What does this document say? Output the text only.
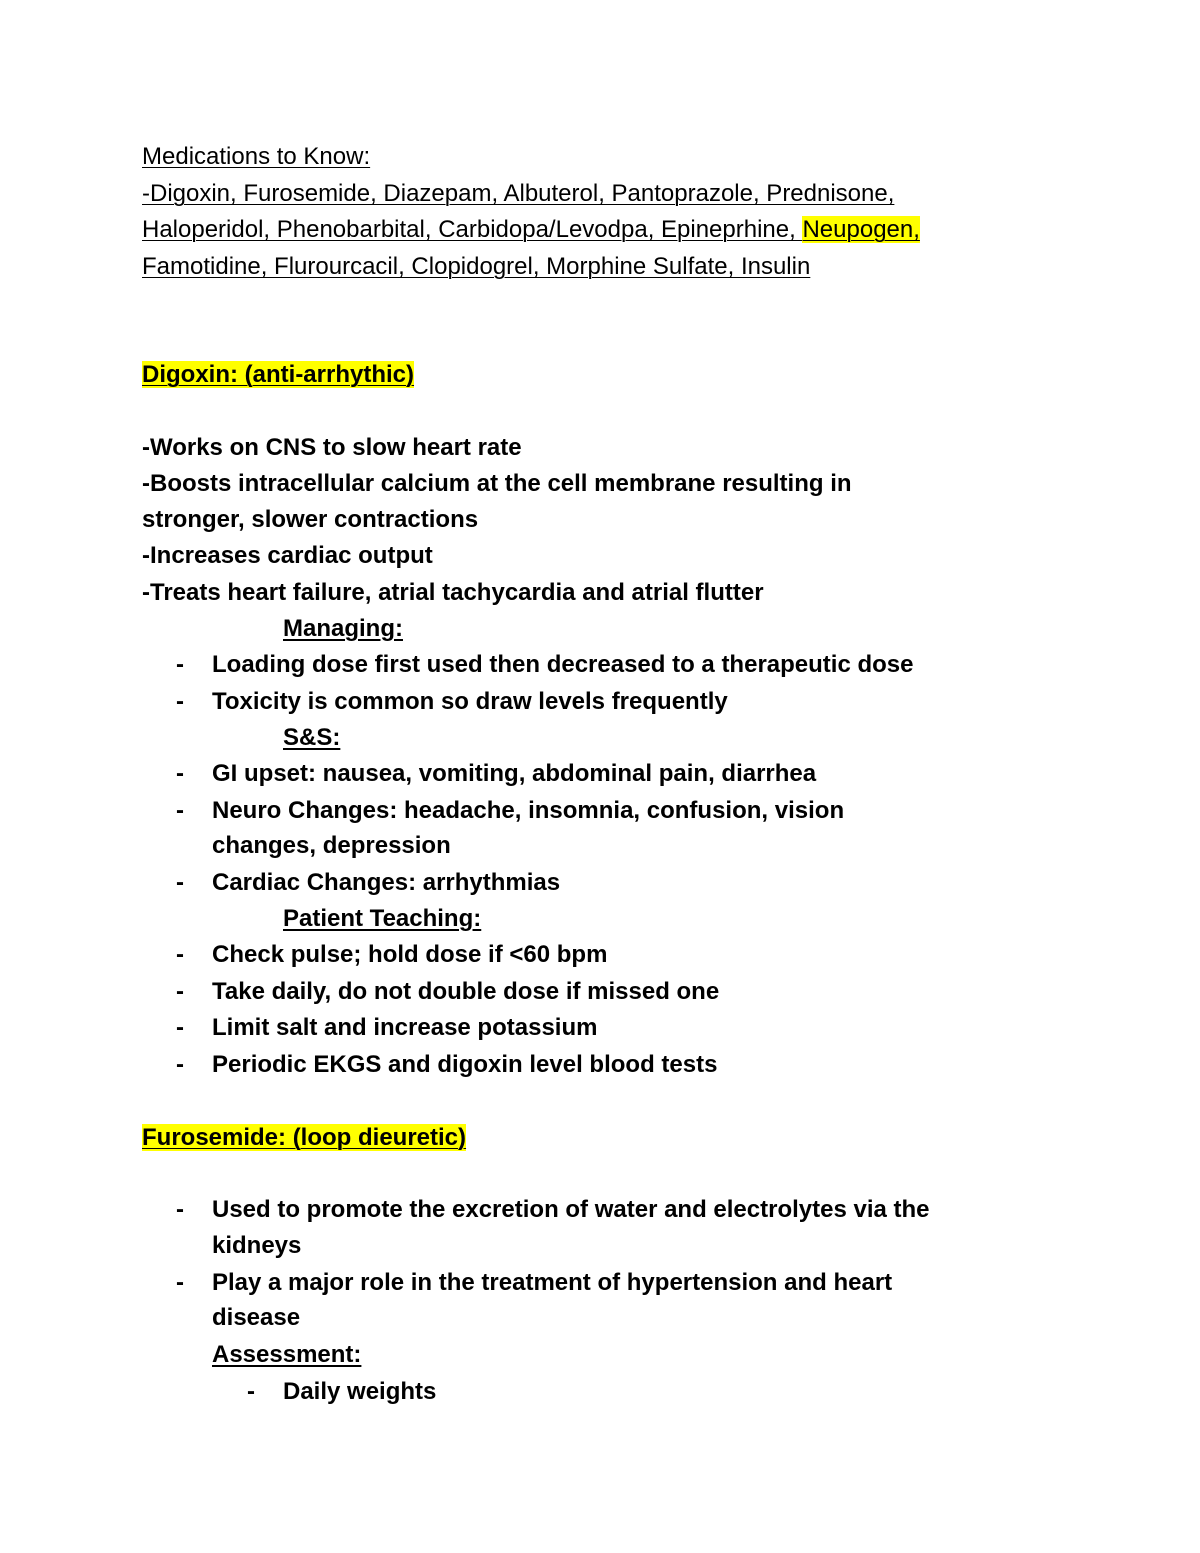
Medications to Know:
-Digoxin, Furosemide, Diazepam, Albuterol, Pantoprazole, Prednisone,
Haloperidol, Phenobarbital, Carbidopa/Levodpa, Epineprhine, Neupogen,
Famotidine, Flurourcacil, Clopidogrel, Morphine Sulfate, Insulin
Digoxin: (anti-arrhythic)
-Works on CNS to slow heart rate
-Boosts intracellular calcium at the cell membrane resulting in
stronger, slower contractions
-Increases cardiac output
-Treats heart failure, atrial tachycardia and atrial flutter
Managing:
- Loading dose first used then decreased to a therapeutic dose
- Toxicity is common so draw levels frequently
S&S:
- GI upset: nausea, vomiting, abdominal pain, diarrhea
- Neuro Changes: headache, insomnia, confusion, vision
changes, depression
- Cardiac Changes: arrhythmias
Patient Teaching:
- Check pulse; hold dose if <60 bpm
- Take daily, do not double dose if missed one
- Limit salt and increase potassium
- Periodic EKGS and digoxin level blood tests
Furosemide: (loop dieuretic)
- Used to promote the excretion of water and electrolytes via the
kidneys
- Play a major role in the treatment of hypertension and heart
disease
Assessment:
- Daily weights
